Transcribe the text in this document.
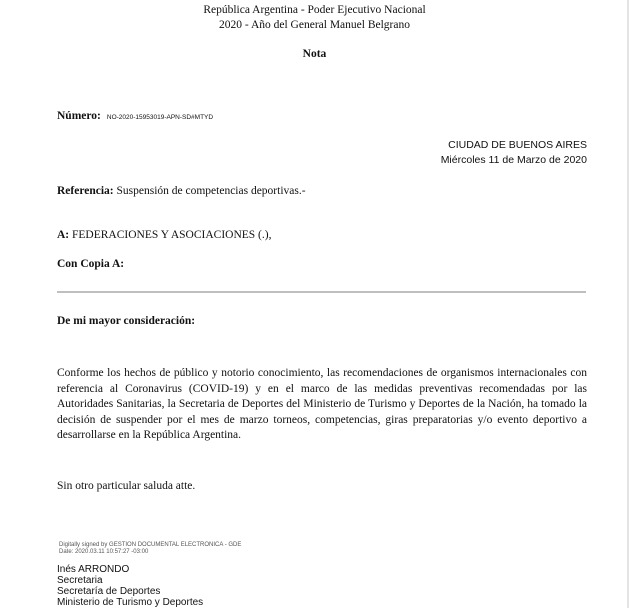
República Argentina - Poder Ejecutivo Nacional
2020 - Año del General Manuel Belgrano
Nota
Número: NO-2020-15953019-APN-SD#MTYD
CIUDAD DE BUENOS AIRES
Miércoles 11 de Marzo de 2020
Referencia: Suspensión de competencias deportivas.-
A: FEDERACIONES Y ASOCIACIONES (.),
Con Copia A:
De mi mayor consideración:
Conforme los hechos de público y notorio conocimiento, las recomendaciones de organismos internacionales con referencia al Coronavirus (COVID-19) y en el marco de las medidas preventivas recomendadas por las Autoridades Sanitarias, la Secretaria de Deportes del Ministerio de Turismo y Deportes de la Nación, ha tomado la decisión de suspender por el mes de marzo torneos, competencias, giras preparatorias y/o evento deportivo a desarrollarse en la República Argentina.
Sin otro particular saluda atte.
Digitally signed by GESTION DOCUMENTAL ELECTRONICA - GDE
Date: 2020.03.11 10:57:27 -03:00
Inés ARRONDO
Secretaria
Secretaría de Deportes
Ministerio de Turismo y Deportes
